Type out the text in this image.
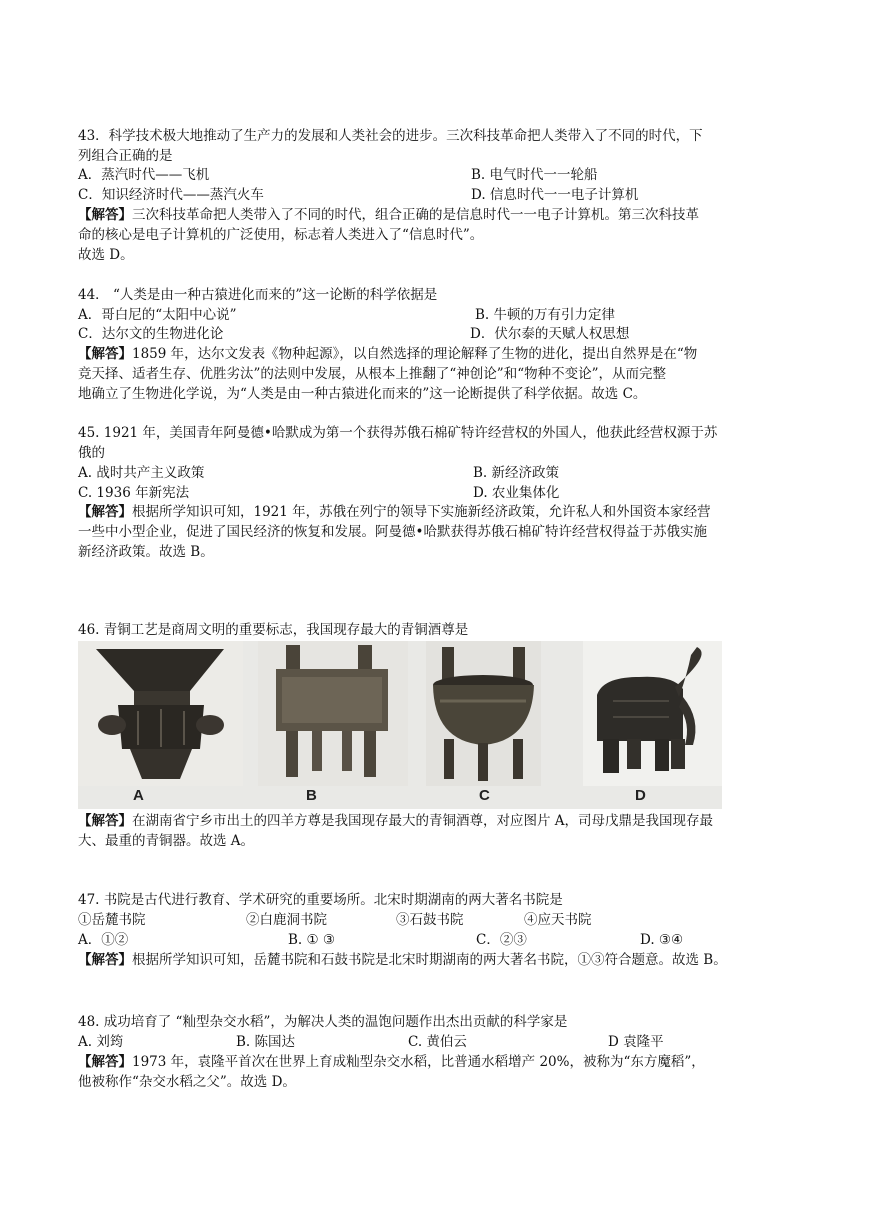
43．科学技术极大地推动了生产力的发展和人类社会的进步。三次科技革命把人类带入了不同的时代，下
列组合正确的是
A．蒸汽时代——飞机	B. 电气时代一一轮船
C．知识经济时代——蒸汽火车	D. 信息时代一一电子计算机
【解答】三次科技革命把人类带入了不同的时代，组合正确的是信息时代一一电子计算机。第三次科技革
命的核心是电子计算机的广泛使用，标志着人类进入了“信息时代”。
故选 D。
44． “人类是由一种古猿进化而来的”这一论断的科学依据是
A．哥白尼的“太阳中心说”	B. 牛顿的万有引力定律
C．达尔文的生物进化论	D．伏尔泰的天赋人权思想
【解答】1859 年，达尔文发表《物种起源》，以自然选择的理论解释了生物的进化，提出自然界是在“物
竞天择、适者生存、优胜劣汰”的法则中发展，从根本上推翻了“神创论”和“物种不变论”，从而完整
地确立了生物进化学说，为“人类是由一种古猿进化而来的”这一论断提供了科学依据。故选 C。
45. 1921 年，美国青年阿曼德•哈默成为第一个获得苏俄石棉矿特许经营权的外国人，他获此经营权源于苏
俄的
A. 战时共产主义政策	B. 新经济政策
C. 1936 年新宪法	D. 农业集体化
【解答】根据所学知识可知，1921 年，苏俄在列宁的领导下实施新经济政策，允许私人和外国资本家经营
一些中小型企业，促进了国民经济的恢复和发展。阿曼德•哈默获得苏俄石棉矿特许经营权得益于苏俄实施
新经济政策。故选 B。
46. 青铜工艺是商周文明的重要标志，我国现存最大的青铜酒尊是
A	B	C	D
【解答】在湖南省宁乡市出土的四羊方尊是我国现存最大的青铜酒尊，对应图片 A，司母戊鼎是我国现存最
大、最重的青铜器。故选 A。
47. 书院是古代进行教育、学术研究的重要场所。北宋时期湖南的两大著名书院是
①岳麓书院	②白鹿洞书院	③石鼓书院	④应天书院
A．①②	B. ① ③	C．②③	D. ③④
【解答】根据所学知识可知，岳麓书院和石鼓书院是北宋时期湖南的两大著名书院，①③符合题意。故选 B。
48. 成功培育了 “籼型杂交水稻”，为解决人类的温饱问题作出杰出贡献的科学家是
A. 刘筠	B. 陈国达	C. 黄伯云	D 袁隆平
【解答】1973 年，袁隆平首次在世界上育成籼型杂交水稻，比普通水稻增产 20%，被称为“东方魔稻”，
他被称作“杂交水稻之父”。故选 D。
